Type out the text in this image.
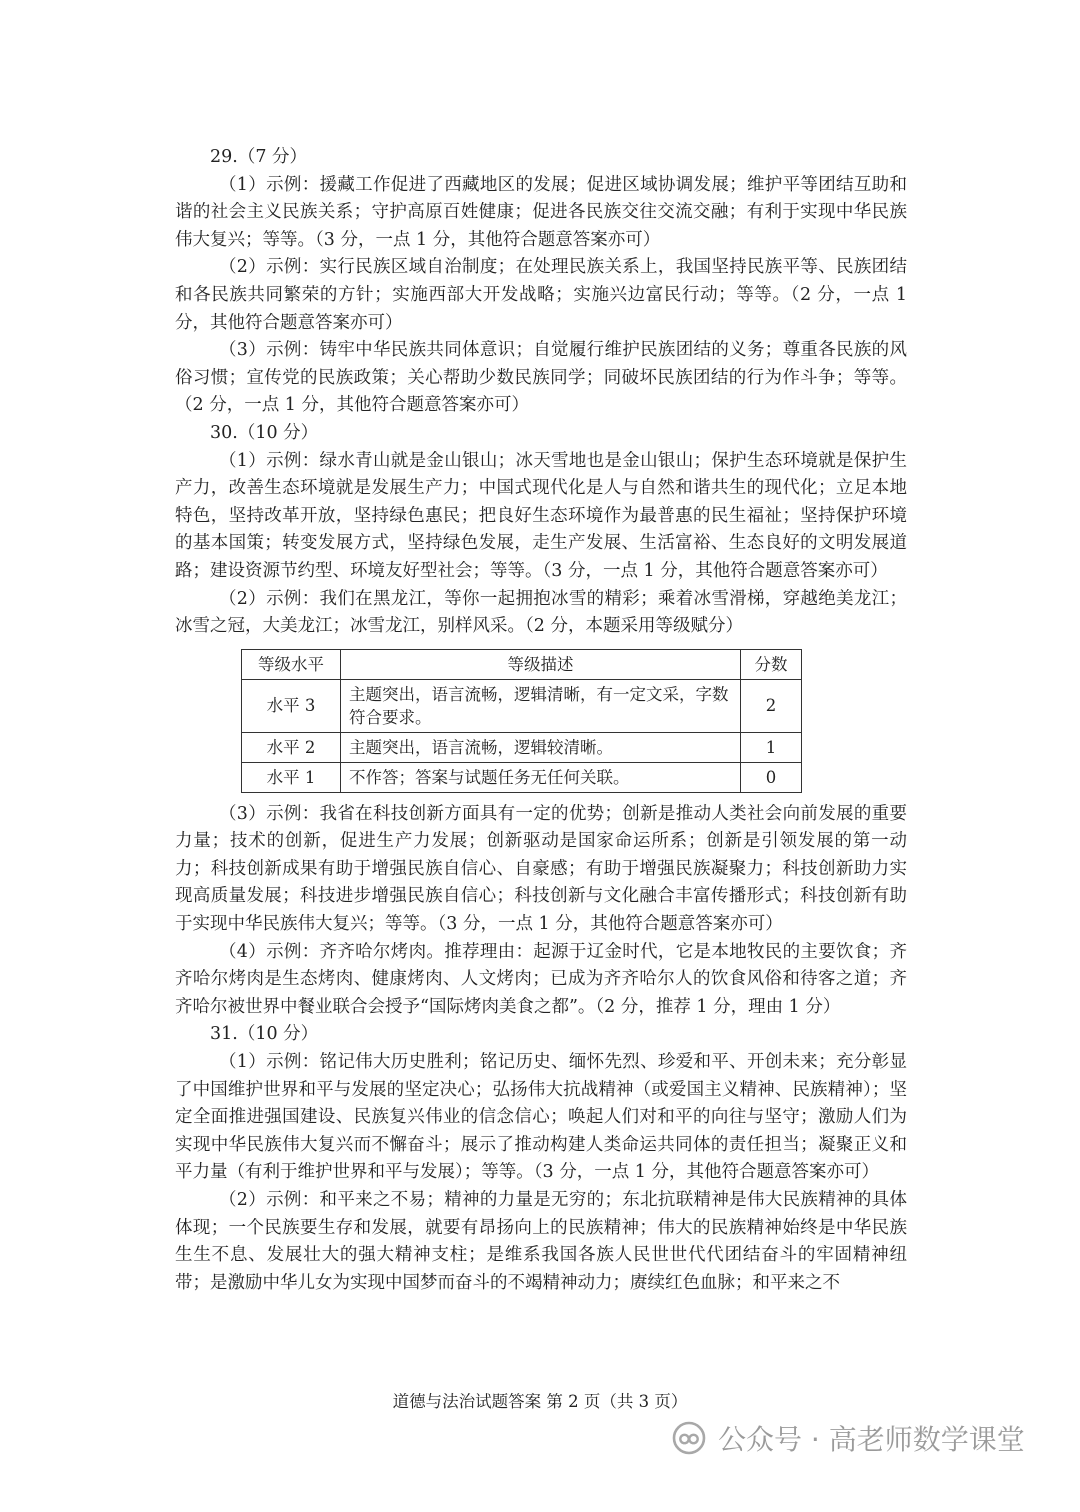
29.（7 分）

（1）示例：援藏工作促进了西藏地区的发展；促进区域协调发展；维护平等团结互助和谐的社会主义民族关系；守护高原百姓健康；促进各民族交往交流交融；有利于实现中华民族伟大复兴；等等。（3 分，一点 1 分，其他符合题意答案亦可）

（2）示例：实行民族区域自治制度；在处理民族关系上，我国坚持民族平等、民族团结和各民族共同繁荣的方针；实施西部大开发战略；实施兴边富民行动；等等。（2 分，一点 1 分，其他符合题意答案亦可）

（3）示例：铸牢中华民族共同体意识；自觉履行维护民族团结的义务；尊重各民族的风俗习惯；宣传党的民族政策；关心帮助少数民族同学；同破坏民族团结的行为作斗争；等等。（2 分，一点 1 分，其他符合题意答案亦可）

30.（10 分）

（1）示例：绿水青山就是金山银山；冰天雪地也是金山银山；保护生态环境就是保护生产力，改善生态环境就是发展生产力；中国式现代化是人与自然和谐共生的现代化；立足本地特色，坚持改革开放，坚持绿色惠民；把良好生态环境作为最普惠的民生福祉；坚持保护环境的基本国策；转变发展方式，坚持绿色发展，走生产发展、生活富裕、生态良好的文明发展道路；建设资源节约型、环境友好型社会；等等。（3 分，一点 1 分，其他符合题意答案亦可）

（2）示例：我们在黑龙江，等你一起拥抱冰雪的精彩；乘着冰雪滑梯，穿越绝美龙江；冰雪之冠，大美龙江；冰雪龙江，别样风采。（2 分，本题采用等级赋分）

等级水平	等级描述	分数
水平 3	主题突出，语言流畅，逻辑清晰，有一定文采，字数符合要求。	2
水平 2	主题突出，语言流畅，逻辑较清晰。	1
水平 1	不作答；答案与试题任务无任何关联。	0

（3）示例：我省在科技创新方面具有一定的优势；创新是推动人类社会向前发展的重要力量；技术的创新，促进生产力发展；创新驱动是国家命运所系；创新是引领发展的第一动力；科技创新成果有助于增强民族自信心、自豪感；有助于增强民族凝聚力；科技创新助力实现高质量发展；科技进步增强民族自信心；科技创新与文化融合丰富传播形式；科技创新有助于实现中华民族伟大复兴；等等。（3 分，一点 1 分，其他符合题意答案亦可）

（4）示例：齐齐哈尔烤肉。推荐理由：起源于辽金时代，它是本地牧民的主要饮食；齐齐哈尔烤肉是生态烤肉、健康烤肉、人文烤肉；已成为齐齐哈尔人的饮食风俗和待客之道；齐齐哈尔被世界中餐业联合会授予“国际烤肉美食之都”。（2 分，推荐 1 分，理由 1 分）

31.（10 分）

（1）示例：铭记伟大历史胜利；铭记历史、缅怀先烈、珍爱和平、开创未来；充分彰显了中国维护世界和平与发展的坚定决心；弘扬伟大抗战精神（或爱国主义精神、民族精神）；坚定全面推进强国建设、民族复兴伟业的信念信心；唤起人们对和平的向往与坚守；激励人们为实现中华民族伟大复兴而不懈奋斗；展示了推动构建人类命运共同体的责任担当；凝聚正义和平力量（有利于维护世界和平与发展）；等等。（3 分，一点 1 分，其他符合题意答案亦可）

（2）示例：和平来之不易；精神的力量是无穷的；东北抗联精神是伟大民族精神的具体体现；一个民族要生存和发展，就要有昂扬向上的民族精神；伟大的民族精神始终是中华民族生生不息、发展壮大的强大精神支柱；是维系我国各族人民世世代代团结奋斗的牢固精神纽带；是激励中华儿女为实现中国梦而奋斗的不竭精神动力；赓续红色血脉；和平来之不

道德与法治试题答案 第 2 页（共 3 页）
公众号 · 高老师数学课堂
